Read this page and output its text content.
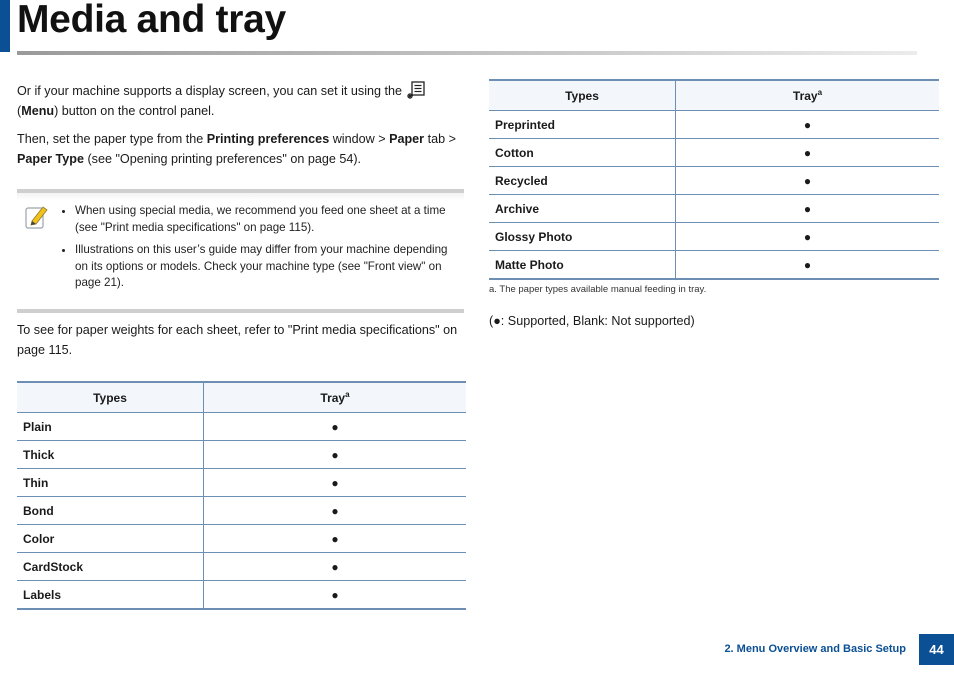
Media and tray

Or if your machine supports a display screen, you can set it using the (Menu) button on the control panel.

Then, set the paper type from the Printing preferences window > Paper tab > Paper Type (see "Opening printing preferences" on page 54).

• When using special media, we recommend you feed one sheet at a time (see "Print media specifications" on page 115).
• Illustrations on this user’s guide may differ from your machine depending on its options or models. Check your machine type (see "Front view" on page 21).
To see for paper weights for each sheet, refer to "Print media specifications" on page 115.
Types	Tray$^a$
Plain	●
Thick	●
Thin	●
Bond	●
Color	●
CardStock	●
Labels	●
Types	Tray$^a$
Preprinted	●
Cotton	●
Recycled	●
Archive	●
Glossy Photo	●
Matte Photo	●
a. The paper types available manual feeding in tray.
(●: Supported, Blank: Not supported)
2. Menu Overview and Basic Setup	44
